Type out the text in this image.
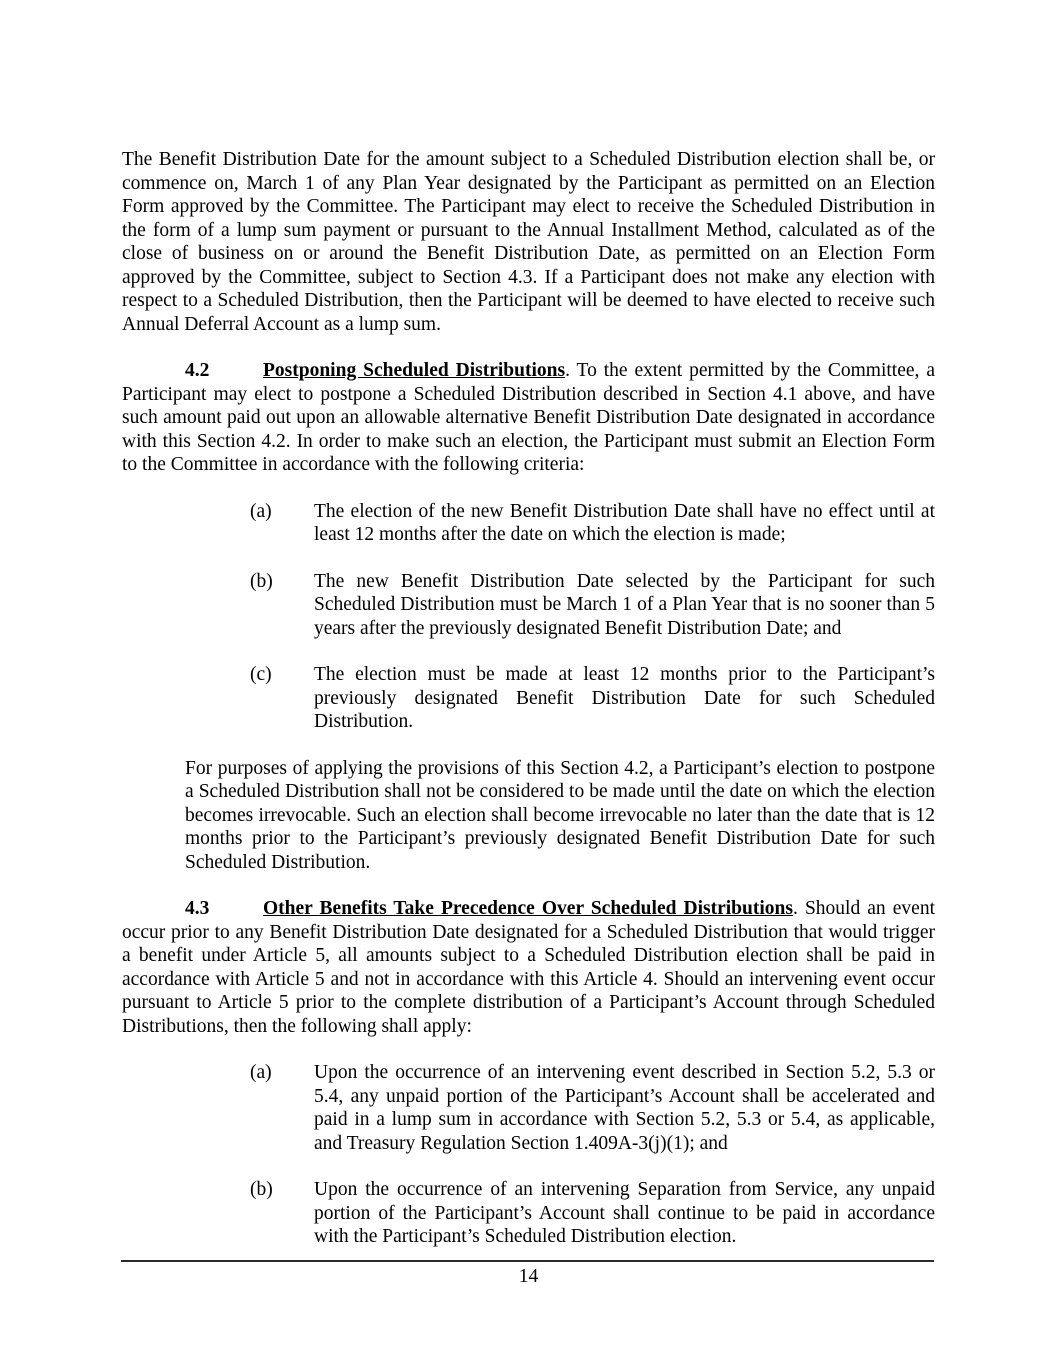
The Benefit Distribution Date for the amount subject to a Scheduled Distribution election shall be, or commence on, March 1 of any Plan Year designated by the Participant as permitted on an Election Form approved by the Committee. The Participant may elect to receive the Scheduled Distribution in the form of a lump sum payment or pursuant to the Annual Installment Method, calculated as of the close of business on or around the Benefit Distribution Date, as permitted on an Election Form approved by the Committee, subject to Section 4.3. If a Participant does not make any election with respect to a Scheduled Distribution, then the Participant will be deemed to have elected to receive such Annual Deferral Account as a lump sum.

4.2	Postponing Scheduled Distributions. To the extent permitted by the Committee, a Participant may elect to postpone a Scheduled Distribution described in Section 4.1 above, and have such amount paid out upon an allowable alternative Benefit Distribution Date designated in accordance with this Section 4.2. In order to make such an election, the Participant must submit an Election Form to the Committee in accordance with the following criteria:

(a)	The election of the new Benefit Distribution Date shall have no effect until at least 12 months after the date on which the election is made;
(b)	The new Benefit Distribution Date selected by the Participant for such Scheduled Distribution must be March 1 of a Plan Year that is no sooner than 5 years after the previously designated Benefit Distribution Date; and
(c)	The election must be made at least 12 months prior to the Participant’s previously designated Benefit Distribution Date for such Scheduled Distribution.

For purposes of applying the provisions of this Section 4.2, a Participant’s election to postpone a Scheduled Distribution shall not be considered to be made until the date on which the election becomes irrevocable. Such an election shall become irrevocable no later than the date that is 12 months prior to the Participant’s previously designated Benefit Distribution Date for such Scheduled Distribution.

4.3	Other Benefits Take Precedence Over Scheduled Distributions. Should an event occur prior to any Benefit Distribution Date designated for a Scheduled Distribution that would trigger a benefit under Article 5, all amounts subject to a Scheduled Distribution election shall be paid in accordance with Article 5 and not in accordance with this Article 4. Should an intervening event occur pursuant to Article 5 prior to the complete distribution of a Participant’s Account through Scheduled Distributions, then the following shall apply:

(a)	Upon the occurrence of an intervening event described in Section 5.2, 5.3 or 5.4, any unpaid portion of the Participant’s Account shall be accelerated and paid in a lump sum in accordance with Section 5.2, 5.3 or 5.4, as applicable, and Treasury Regulation Section 1.409A-3(j)(1); and
(b)	Upon the occurrence of an intervening Separation from Service, any unpaid portion of the Participant’s Account shall continue to be paid in accordance with the Participant’s Scheduled Distribution election.
14
